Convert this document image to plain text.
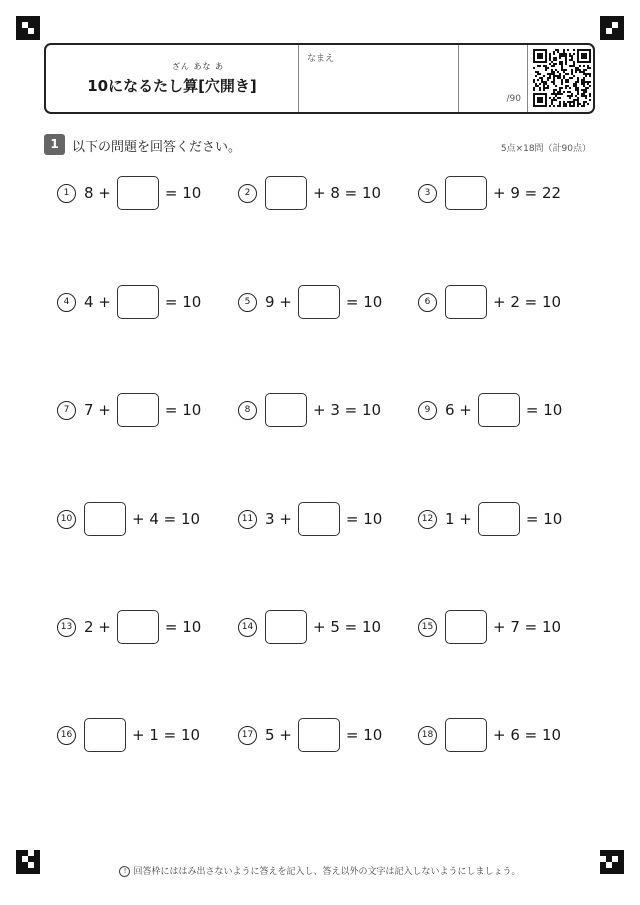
ざん あな あ
10になるたし算[穴開き]
なまえ
/90
1	以下の問題を回答ください。	5点×18問（計90点）
1 8 +	= 10	2	+ 8 = 10	3	+ 9 = 22
4 4 +	= 10	5 9 +	= 10	6	+ 2 = 10
7 7 +	= 10	8	+ 3 = 10	9 6 +	= 10
10	+ 4 = 10	11 3 +	= 10	12 1 +	= 10
13 2 +	= 10	14	+ 5 = 10	15	+ 7 = 10
16	+ 1 = 10	17 5 +	= 10	18	+ 6 = 10
! 回答枠にははみ出さないように答えを記入し、答え以外の文字は記入しないようにしましょう。
